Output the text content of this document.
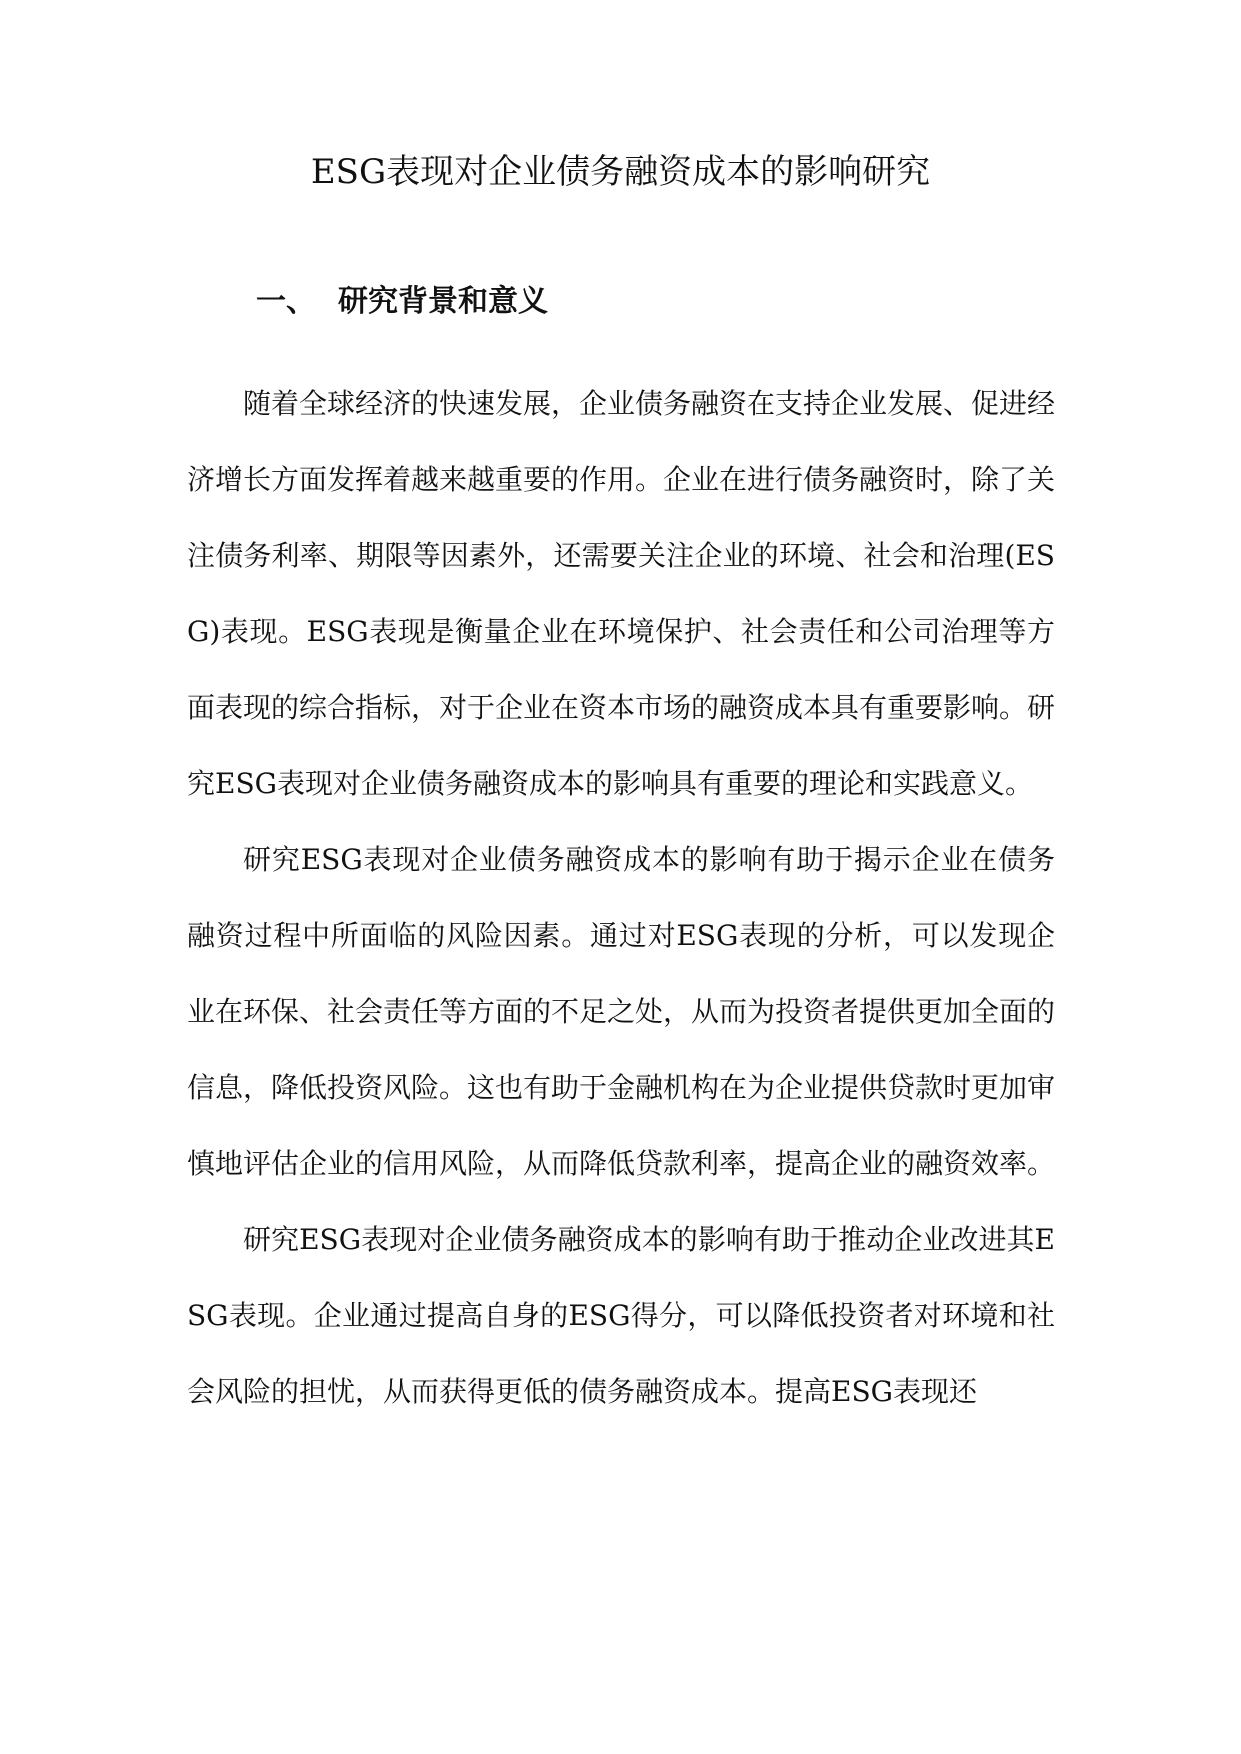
ESG表现对企业债务融资成本的影响研究
一、 研究背景和意义

随着全球经济的快速发展，企业债务融资在支持企业发展、促进经济增长方面发挥着越来越重要的作用。企业在进行债务融资时，除了关注债务利率、期限等因素外，还需要关注企业的环境、社会和治理(ESG)表现。ESG表现是衡量企业在环境保护、社会责任和公司治理等方面表现的综合指标，对于企业在资本市场的融资成本具有重要影响。研究ESG表现对企业债务融资成本的影响具有重要的理论和实践意义。

研究ESG表现对企业债务融资成本的影响有助于揭示企业在债务融资过程中所面临的风险因素。通过对ESG表现的分析，可以发现企业在环保、社会责任等方面的不足之处，从而为投资者提供更加全面的信息，降低投资风险。这也有助于金融机构在为企业提供贷款时更加审慎地评估企业的信用风险，从而降低贷款利率，提高企业的融资效率。

研究ESG表现对企业债务融资成本的影响有助于推动企业改进其ESG表现。企业通过提高自身的ESG得分，可以降低投资者对环境和社会风险的担忧，从而获得更低的债务融资成本。提高ESG表现还
